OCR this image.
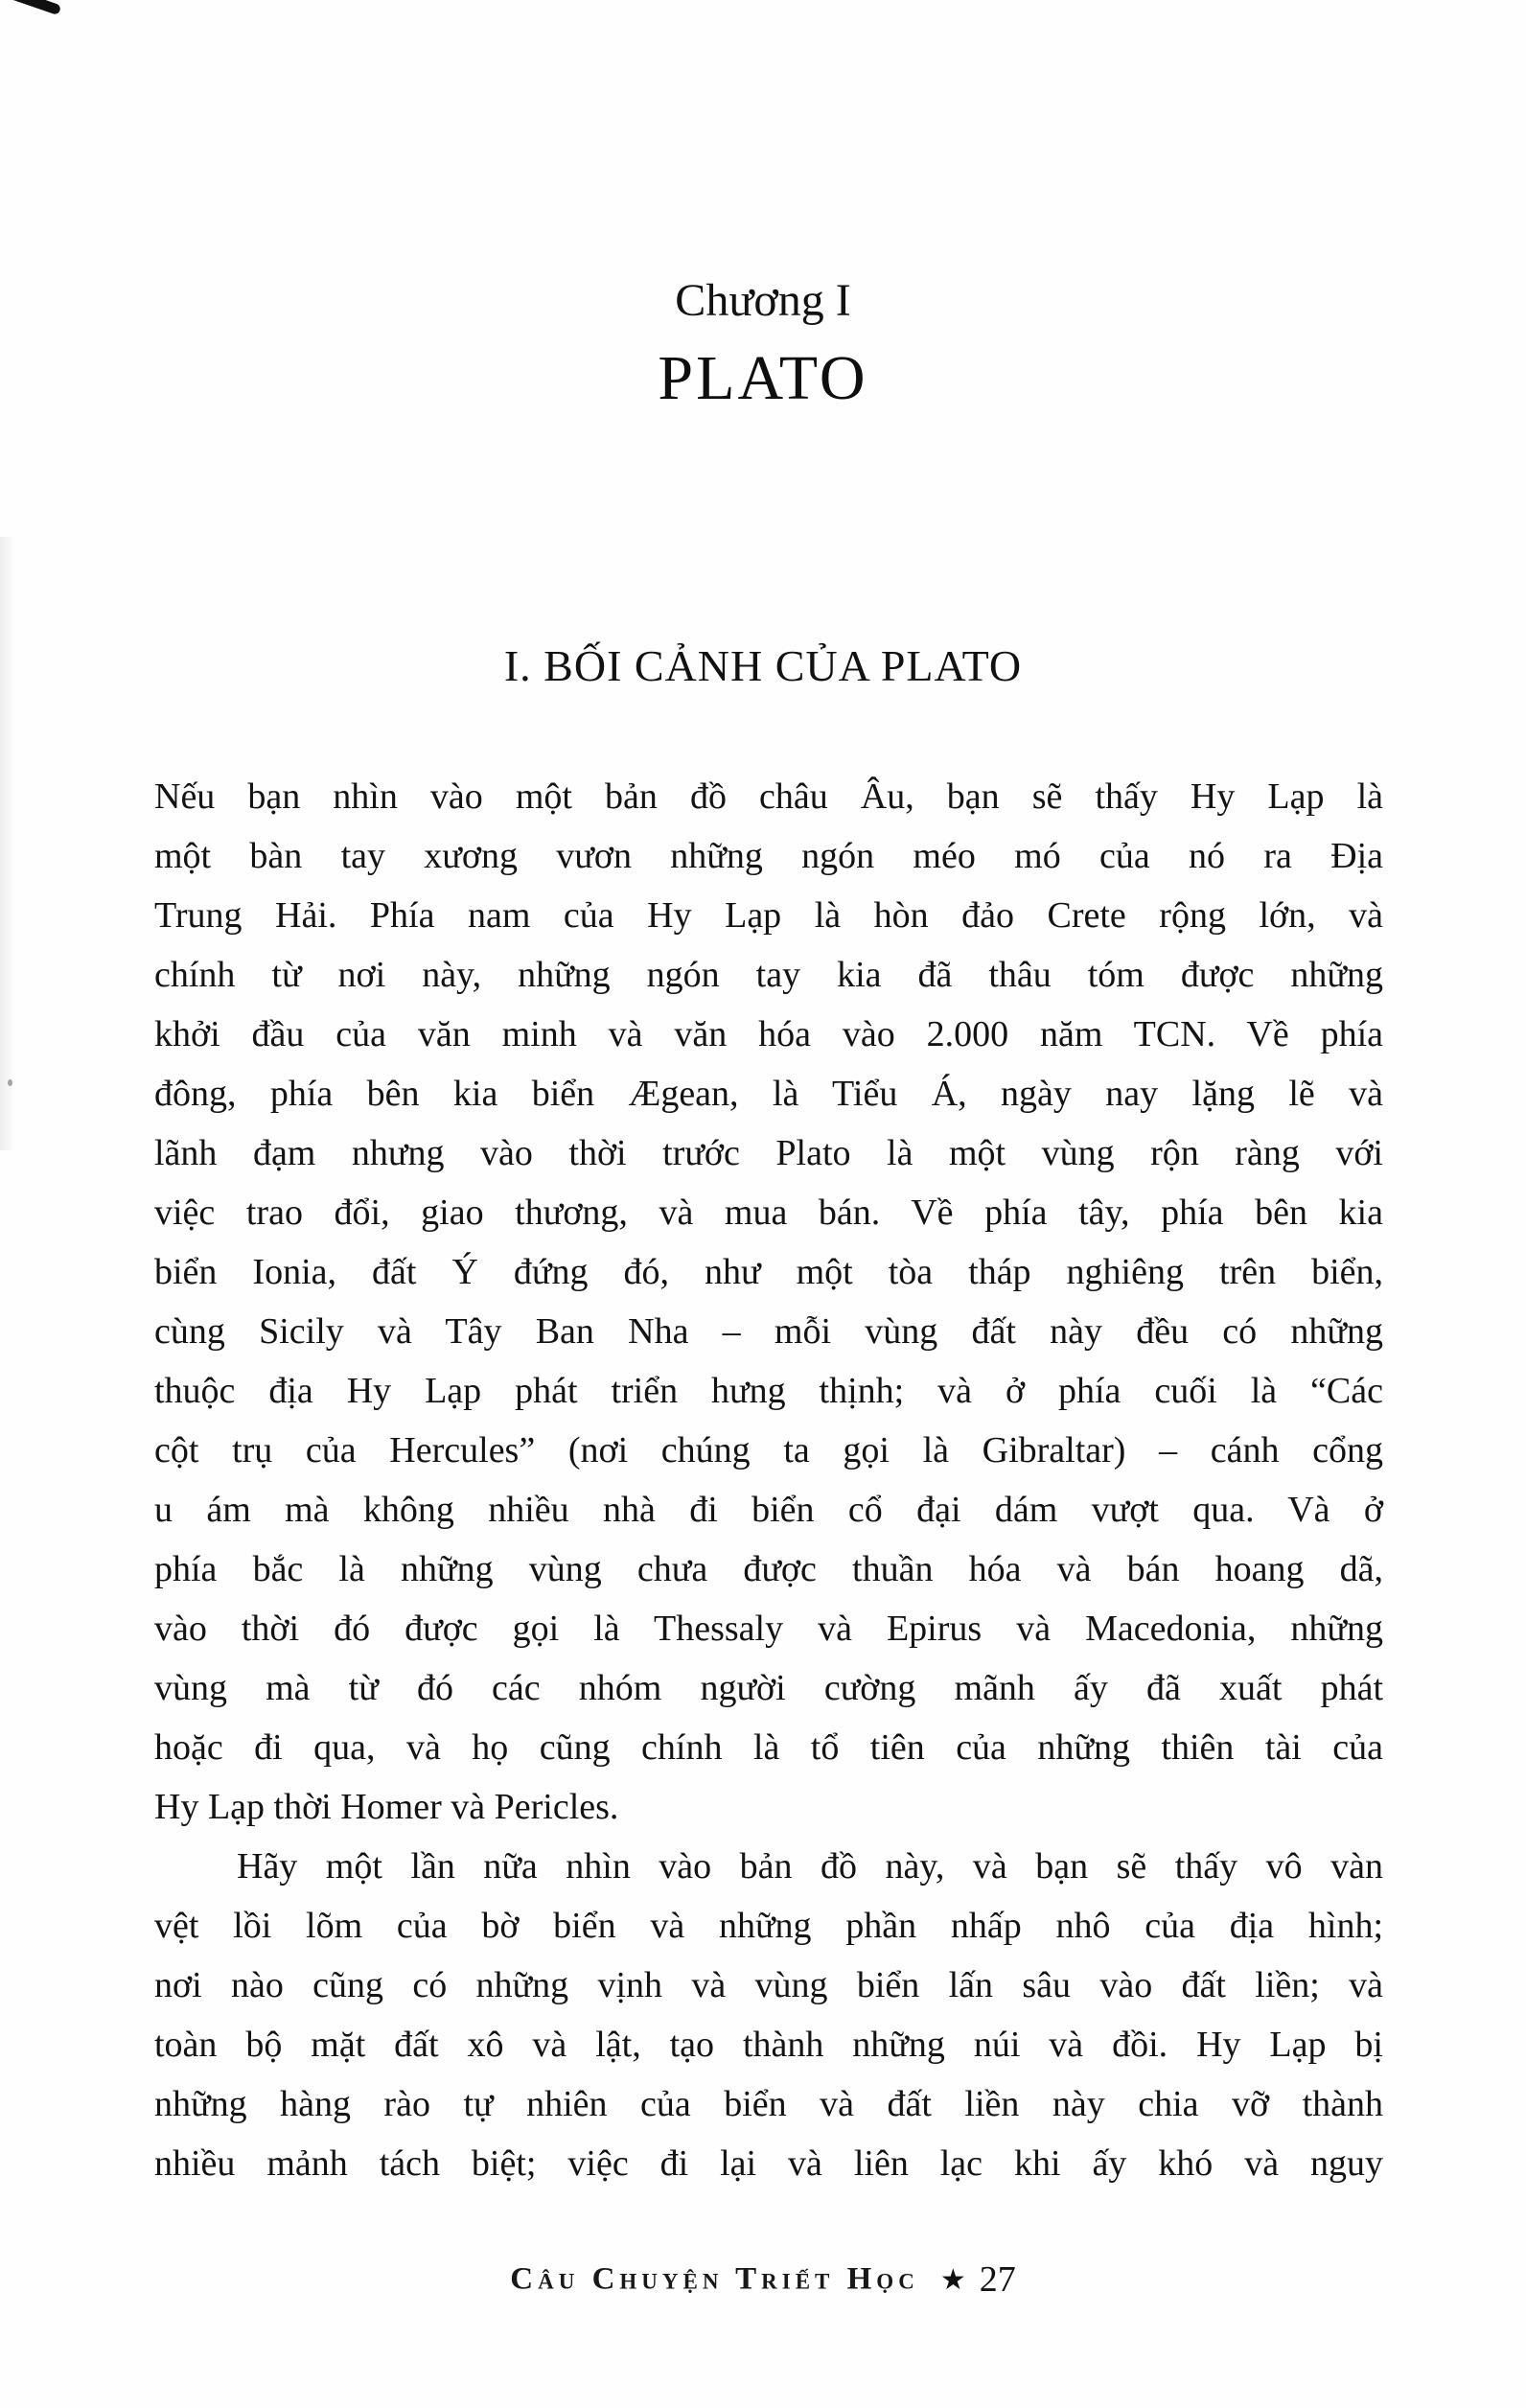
Chương I
PLATO
I. BỐI CẢNH CỦA PLATO
Nếu bạn nhìn vào một bản đồ châu Âu, bạn sẽ thấy Hy Lạp là
một bàn tay xương vươn những ngón méo mó của nó ra Địa
Trung Hải. Phía nam của Hy Lạp là hòn đảo Crete rộng lớn, và
chính từ nơi này, những ngón tay kia đã thâu tóm được những
khởi đầu của văn minh và văn hóa vào 2.000 năm TCN. Về phía
đông, phía bên kia biển Ægean, là Tiểu Á, ngày nay lặng lẽ và
lãnh đạm nhưng vào thời trước Plato là một vùng rộn ràng với
việc trao đổi, giao thương, và mua bán. Về phía tây, phía bên kia
biển Ionia, đất Ý đứng đó, như một tòa tháp nghiêng trên biển,
cùng Sicily và Tây Ban Nha – mỗi vùng đất này đều có những
thuộc địa Hy Lạp phát triển hưng thịnh; và ở phía cuối là “Các
cột trụ của Hercules” (nơi chúng ta gọi là Gibraltar) – cánh cổng
u ám mà không nhiều nhà đi biển cổ đại dám vượt qua. Và ở
phía bắc là những vùng chưa được thuần hóa và bán hoang dã,
vào thời đó được gọi là Thessaly và Epirus và Macedonia, những
vùng mà từ đó các nhóm người cường mãnh ấy đã xuất phát
hoặc đi qua, và họ cũng chính là tổ tiên của những thiên tài của
Hy Lạp thời Homer và Pericles.
Hãy một lần nữa nhìn vào bản đồ này, và bạn sẽ thấy vô vàn
vệt lồi lõm của bờ biển và những phần nhấp nhô của địa hình;
nơi nào cũng có những vịnh và vùng biển lấn sâu vào đất liền; và
toàn bộ mặt đất xô và lật, tạo thành những núi và đồi. Hy Lạp bị
những hàng rào tự nhiên của biển và đất liền này chia vỡ thành
nhiều mảnh tách biệt; việc đi lại và liên lạc khi ấy khó và nguy
Câu Chuyện Triết Học ★ 27
